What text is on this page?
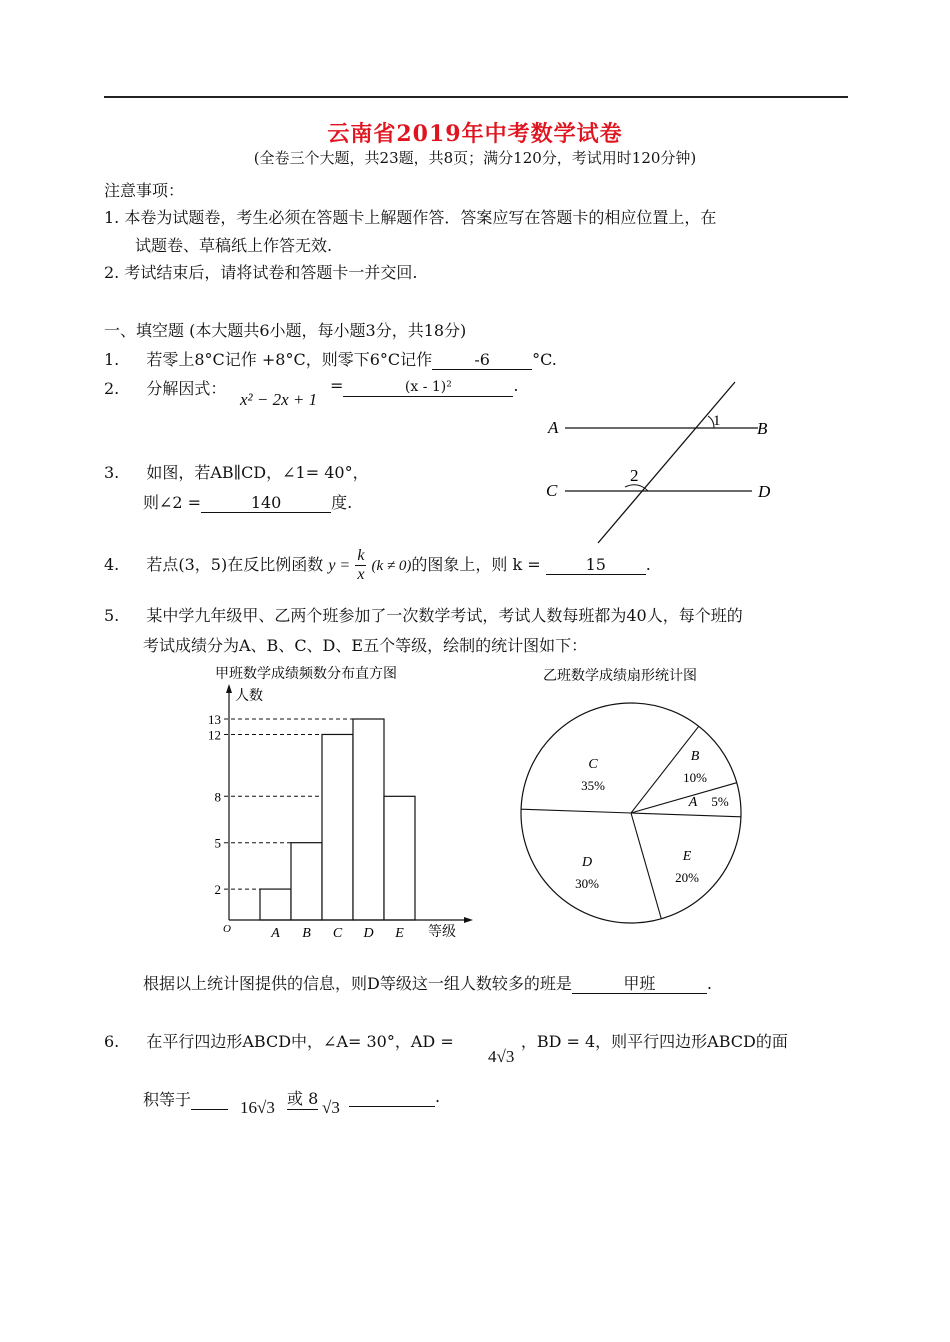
云南省2019年中考数学试卷
(全卷三个大题，共23题，共8页；满分120分，考试用时120分钟)
注意事项：
1. 本卷为试题卷，考生必须在答题卡上解题作答．答案应写在答题卡的相应位置上，在
试题卷、草稿纸上作答无效.
2. 考试结束后，请将试卷和答题卡一并交回.
一、填空题 (本大题共6小题，每小题3分，共18分)
1. 若零上8°C记作 +8°C，则零下6°C记作	-6	°C.
2. 分解因式：
x² − 2x + 1
=	(x - 1)²	.
3. 如图，若AB∥CD，∠1= 40°，
则∠2 =	140	度.
A	B
C	D
1
2
4. 若点(3，5)在反比例函数 $y = \frac{k}{x} (k \ne 0)$的图象上，则 k =	15 .
5. 某中学九年级甲、乙两个班参加了一次数学考试，考试人数每班都为40人，每个班的
考试成绩分为A、B、C、D、E五个等级，绘制的统计图如下：
甲班数学成绩频数分布直方图
人数
等级
O
2
5
8
12
13
A B C D E
乙班数学成绩扇形统计图
A 5%
B
10%
C
35%
D
30%
E
20%
根据以上统计图提供的信息，则D等级这一组人数较多的班是	甲班	.
6. 在平行四边形ABCD中，∠A= 30°，AD =	，BD = 4，则平行四边形ABCD的面
4√3
积等于	16√3 或 8 √3
.
